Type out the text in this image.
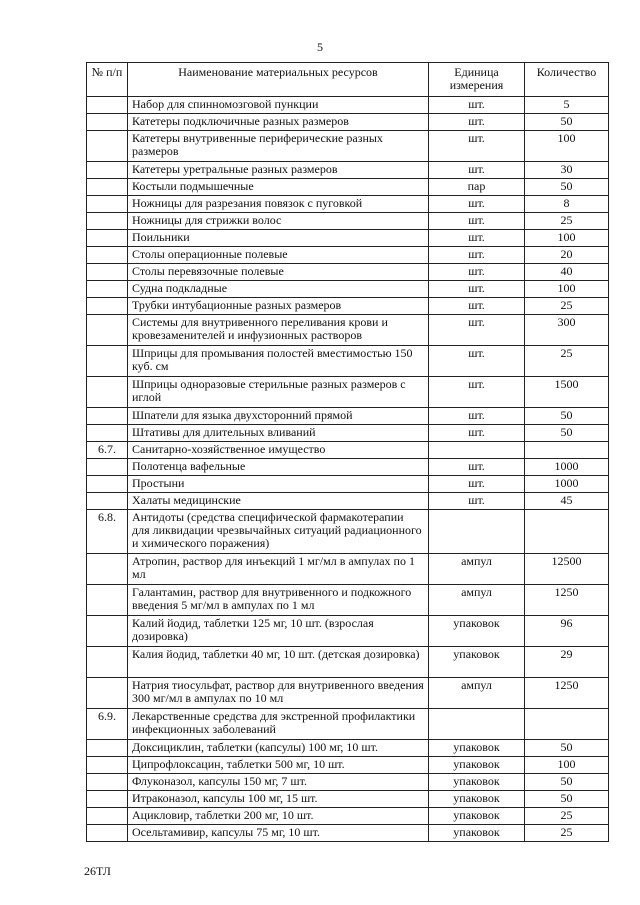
5
№ п/п	Наименование материальных ресурсов	Единица измерения	Количество
	Набор для спинномозговой пункции	шт.	5
	Катетеры подключичные разных размеров	шт.	50
	Катетеры внутривенные периферические разных размеров	шт.	100
	Катетеры уретральные разных размеров	шт.	30
	Костыли подмышечные	пар	50
	Ножницы для разрезания повязок с пуговкой	шт.	8
	Ножницы для стрижки волос	шт.	25
	Поильники	шт.	100
	Столы операционные полевые	шт.	20
	Столы перевязочные полевые	шт.	40
	Судна подкладные	шт.	100
	Трубки интубационные разных размеров	шт.	25
	Системы для внутривенного переливания крови и кровезаменителей и инфузионных растворов	шт.	300
	Шприцы для промывания полостей вместимостью 150 куб. см	шт.	25
	Шприцы одноразовые стерильные разных размеров с иглой	шт.	1500
	Шпатели для языка двухсторонний прямой	шт.	50
	Штативы для длительных вливаний	шт.	50
6.7.	Санитарно-хозяйственное имущество		
	Полотенца вафельные	шт.	1000
	Простыни	шт.	1000
	Халаты медицинские	шт.	45
6.8.	Антидоты (средства специфической фармакотерапии для ликвидации чрезвычайных ситуаций радиационного и химического поражения)		
	Атропин, раствор для инъекций 1 мг/мл в ампулах по 1 мл	ампул	12500
	Галантамин, раствор для внутривенного и подкожного введения 5 мг/мл в ампулах по 1 мл	ампул	1250
	Калий йодид, таблетки 125 мг, 10 шт. (взрослая дозировка)	упаковок	96
	Калия йодид, таблетки 40 мг, 10 шт. (детская дозировка)	упаковок	29
	Натрия тиосульфат, раствор для внутривенного введения 300 мг/мл в ампулах по 10 мл	ампул	1250
6.9.	Лекарственные средства для экстренной профилактики инфекционных заболеваний		
	Доксициклин, таблетки (капсулы) 100 мг, 10 шт.	упаковок	50
	Ципрофлоксацин, таблетки 500 мг, 10 шт.	упаковок	100
	Флуконазол, капсулы 150 мг, 7 шт.	упаковок	50
	Итраконазол, капсулы 100 мг, 15 шт.	упаковок	50
	Ацикловир, таблетки 200 мг, 10 шт.	упаковок	25
	Осельтамивир, капсулы 75 мг, 10 шт.	упаковок	25
26ТЛ
